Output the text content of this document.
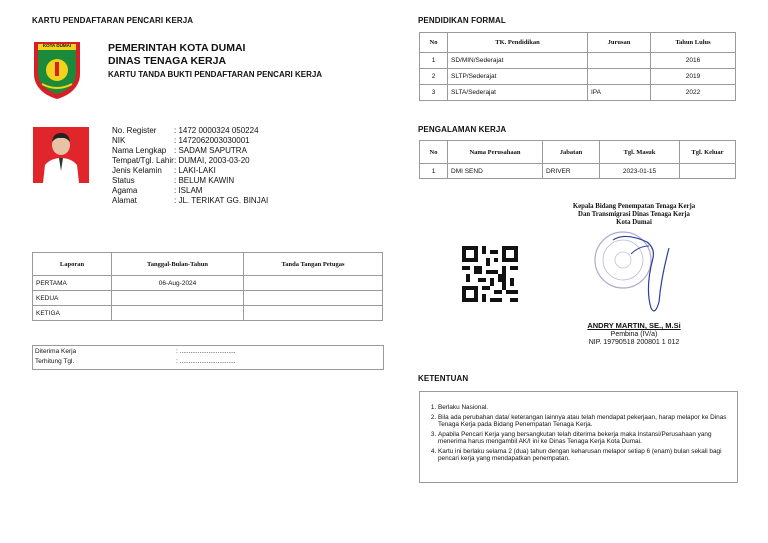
KARTU PENDAFTARAN PENCARI KERJA
KOTA DUMAI	PEMERINTAH KOTA DUMAI
DINAS TENAGA KERJA
KARTU TANDA BUKTI PENDAFTARAN PENCARI KERJA
No. Register : 1472 0000324 050224
NIK	: 1472062003030001
Nama Lengkap : SADAM SAPUTRA
Tempat/Tgl. Lahir: DUMAI, 2003-03-20
Jenis Kelamin : LAKI-LAKI
Status	: BELUM KAWIN
Agama	: ISLAM
Alamat	: JL. TERIKAT GG. BINJAI
Laporan	Tanggal-Bulan-Tahun	Tanda Tangan Petugas
PERTAMA	06-Aug-2024	
KEDUA		
KETIGA		
Diterima Kerja	: ...............................
Terhitung Tgl.	: ...............................
PENDIDIKAN FORMAL
No	TK. Pendidikan	Jurusan	Tahun Lulus
1	SD/MIN/Sederajat		2016
2	SLTP/Sederajat		2019
3	SLTA/Sederajat	IPA	2022
PENGALAMAN KERJA
No	Nama Perusahaan	Jabatan	Tgl. Masuk	Tgl. Keluar
1	DMI SEND	DRIVER	2023-01-15	
Kepala Bidang Penempatan Tenaga Kerja
Dan Transmigrasi Dinas Tenaga Kerja
Kota Dumai
ANDRY MARTIN, SE., M.Si
Pembina (IV/a)
NIP. 19790518 200801 1 012
KETENTUAN
1. Berlaku Nasional.
2. Bila ada perubahan data/ keterangan lainnya atau telah mendapat pekerjaan, harap melapor ke Dinas Tenaga Kerja pada Bidang Penempatan Tenaga Kerja.
3. Apabila Pencari Kerja yang bersangkutan telah diterima bekerja maka Instansi/Perusahaan yang menerima harus mengambil AK/I ini ke Dinas Tenaga Kerja Kota Dumai.
4. Kartu ini berlaku selama 2 (dua) tahun dengan keharusan melapor setiap 6 (enam) bulan sekali bagi pencari kerja yang mendapatkan penempatan.
